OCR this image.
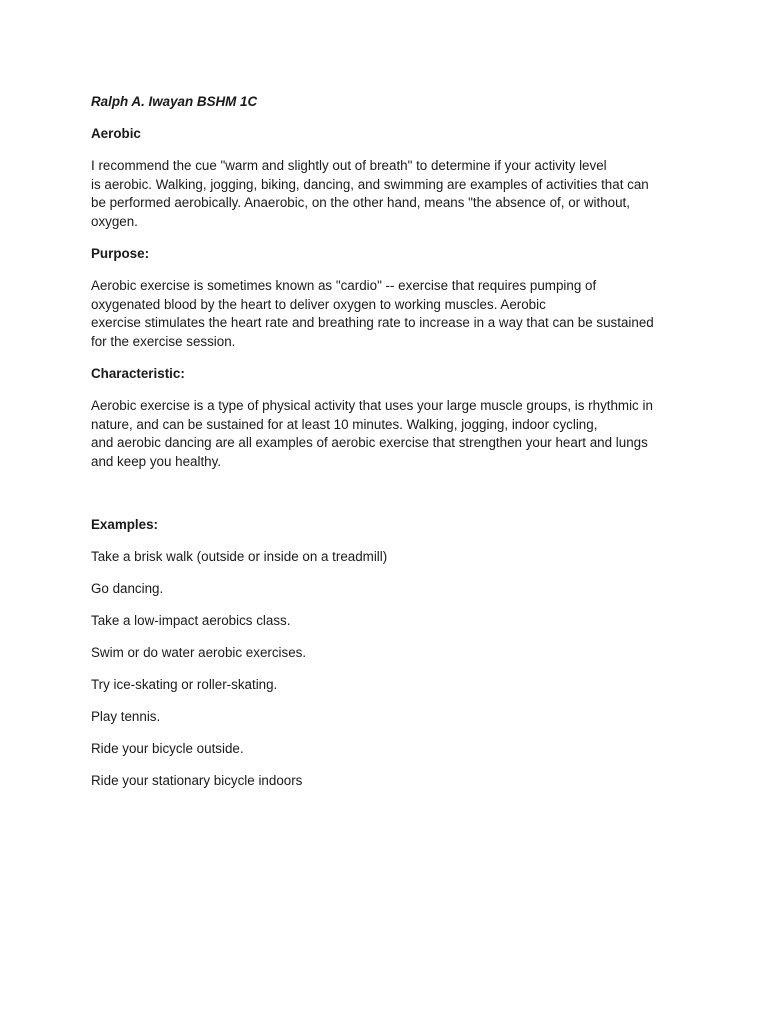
Ralph A. Iwayan BSHM 1C

Aerobic

I recommend the cue "warm and slightly out of breath" to determine if your activity level
is aerobic. Walking, jogging, biking, dancing, and swimming are examples of activities that can
be performed aerobically. Anaerobic, on the other hand, means "the absence of, or without,
oxygen.

Purpose:

Aerobic exercise is sometimes known as "cardio" -- exercise that requires pumping of
oxygenated blood by the heart to deliver oxygen to working muscles. Aerobic
exercise stimulates the heart rate and breathing rate to increase in a way that can be sustained
for the exercise session.

Characteristic:

Aerobic exercise is a type of physical activity that uses your large muscle groups, is rhythmic in
nature, and can be sustained for at least 10 minutes. Walking, jogging, indoor cycling,
and aerobic dancing are all examples of aerobic exercise that strengthen your heart and lungs
and keep you healthy.

Examples:

Take a brisk walk (outside or inside on a treadmill)
Go dancing.
Take a low-impact aerobics class.
Swim or do water aerobic exercises.
Try ice-skating or roller-skating.
Play tennis.
Ride your bicycle outside.
Ride your stationary bicycle indoors
